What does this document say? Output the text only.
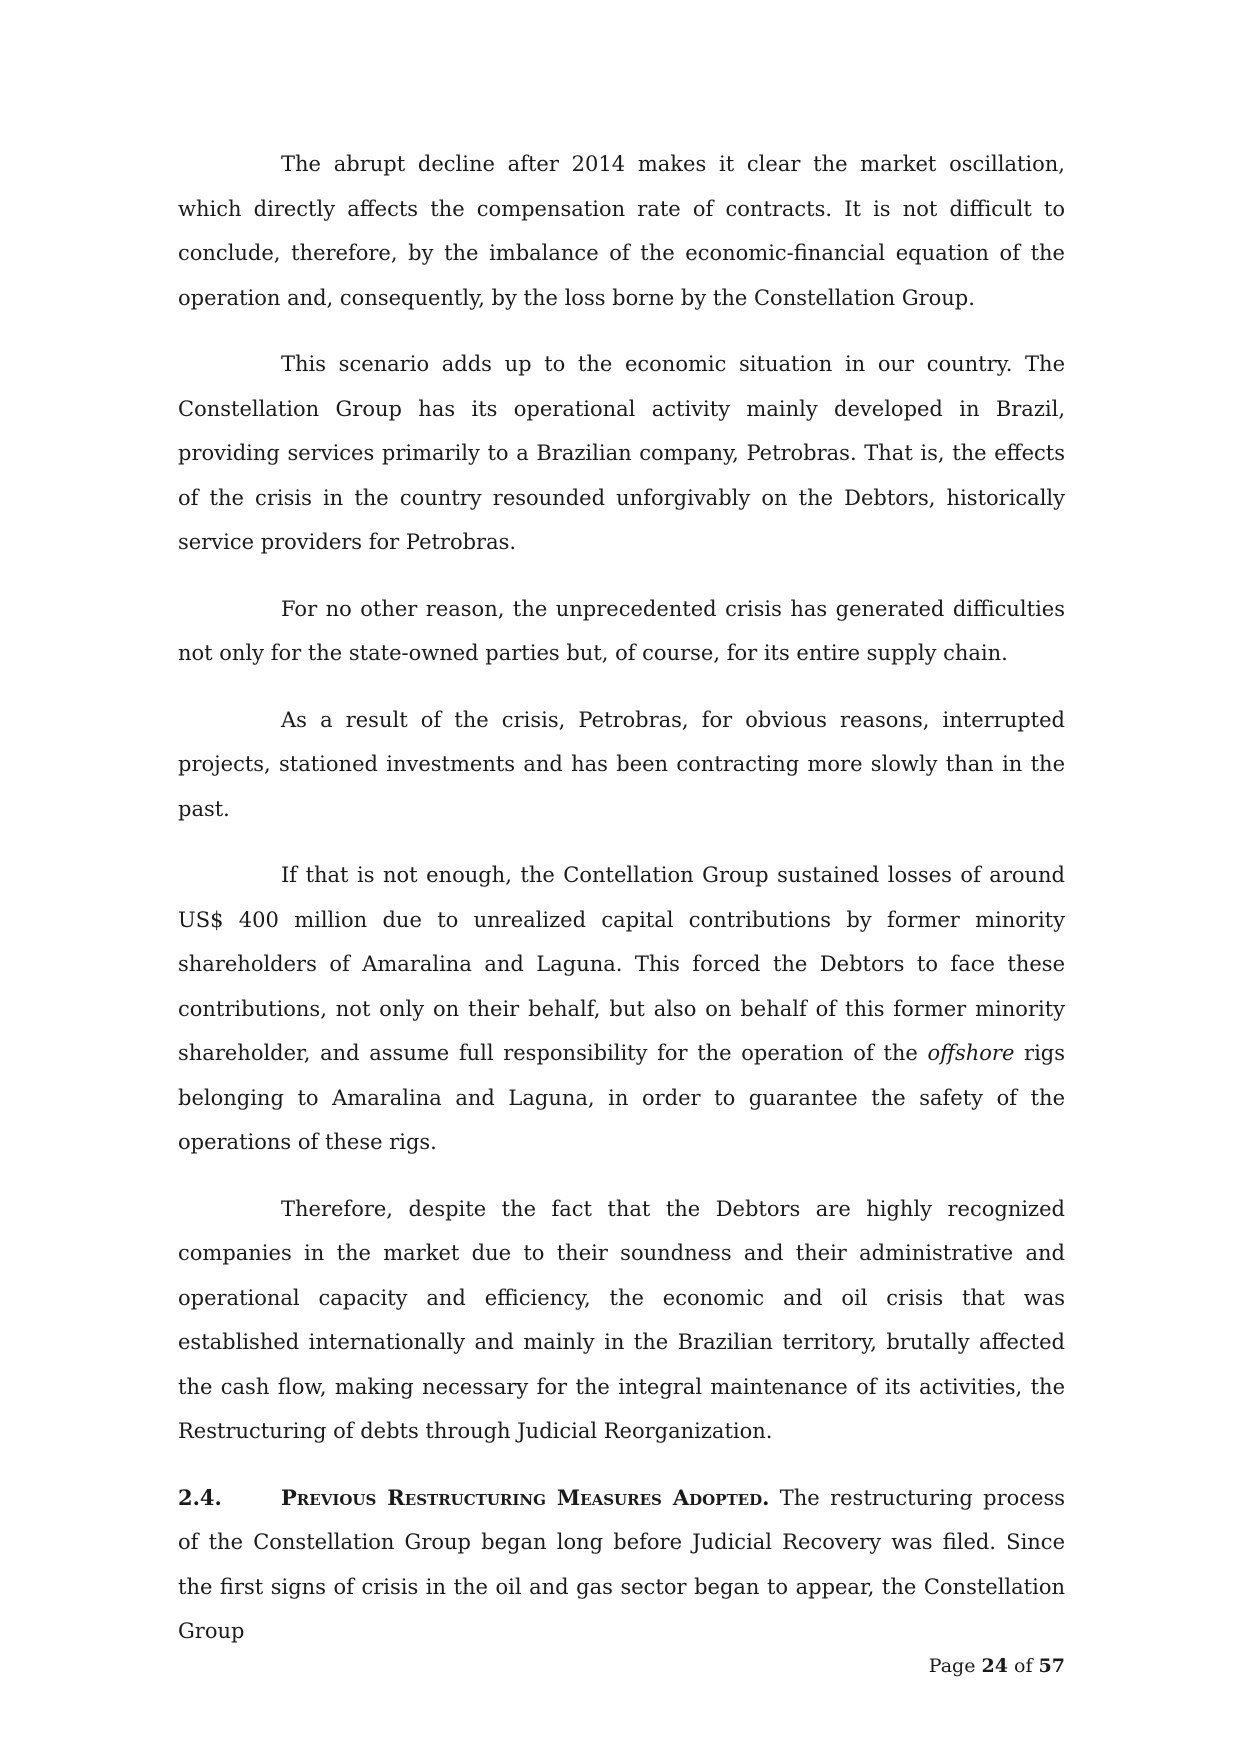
The abrupt decline after 2014 makes it clear the market oscillation, which directly affects the compensation rate of contracts. It is not difficult to conclude, therefore, by the imbalance of the economic-financial equation of the operation and, consequently, by the loss borne by the Constellation Group.

This scenario adds up to the economic situation in our country. The Constellation Group has its operational activity mainly developed in Brazil, providing services primarily to a Brazilian company, Petrobras. That is, the effects of the crisis in the country resounded unforgivably on the Debtors, historically service providers for Petrobras.

For no other reason, the unprecedented crisis has generated difficulties not only for the state-owned parties but, of course, for its entire supply chain.

As a result of the crisis, Petrobras, for obvious reasons, interrupted projects, stationed investments and has been contracting more slowly than in the past.

If that is not enough, the Contellation Group sustained losses of around US$ 400 million due to unrealized capital contributions by former minority shareholders of Amaralina and Laguna. This forced the Debtors to face these contributions, not only on their behalf, but also on behalf of this former minority shareholder, and assume full responsibility for the operation of the offshore rigs belonging to Amaralina and Laguna, in order to guarantee the safety of the operations of these rigs.

Therefore, despite the fact that the Debtors are highly recognized companies in the market due to their soundness and their administrative and operational capacity and efficiency, the economic and oil crisis that was established internationally and mainly in the Brazilian territory, brutally affected the cash flow, making necessary for the integral maintenance of its activities, the Restructuring of debts through Judicial Reorganization.

2.4.	Previous Restructuring Measures Adopted. The restructuring process of the Constellation Group began long before Judicial Recovery was filed. Since the first signs of crisis in the oil and gas sector began to appear, the Constellation Group

Page 24 of 57
